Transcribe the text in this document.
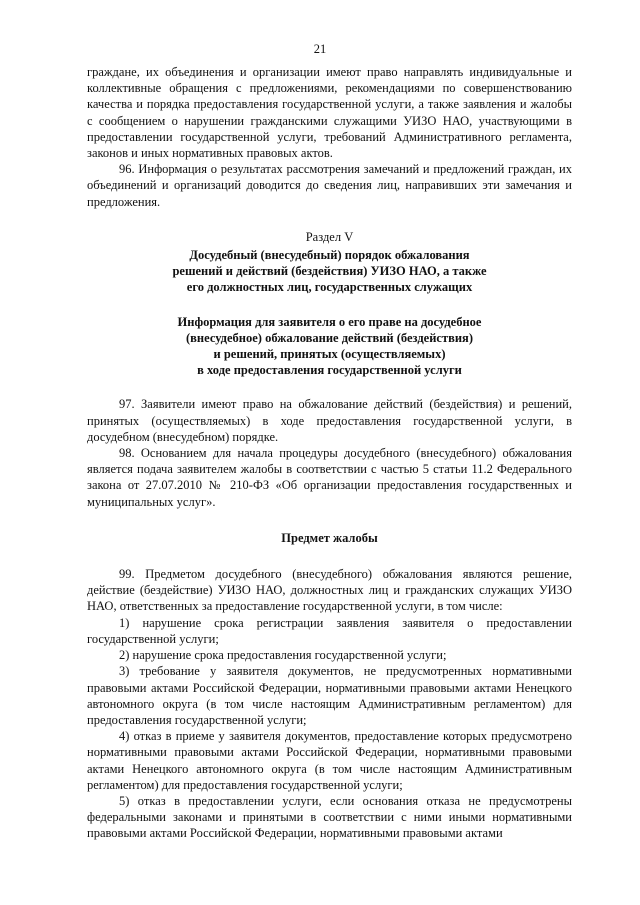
21

граждане, их объединения и организации имеют право направлять индивидуальные и коллективные обращения с предложениями, рекомендациями по совершенствованию качества и порядка предоставления государственной услуги, а также заявления и жалобы с сообщением о нарушении гражданскими служащими УИЗО НАО, участвующими в предоставлении государственной услуги, требований Административного регламента, законов и иных нормативных правовых актов.

96. Информация о результатах рассмотрения замечаний и предложений граждан, их объединений и организаций доводится до сведения лиц, направивших эти замечания и предложения.

Раздел V

Досудебный (внесудебный) порядок обжалования

решений и действий (бездействия) УИЗО НАО, а также

его должностных лиц, государственных служащих

Информация для заявителя о его праве на досудебное

(внесудебное) обжалование действий (бездействия)

и решений, принятых (осуществляемых)

в ходе предоставления государственной услуги

97. Заявители имеют право на обжалование действий (бездействия) и решений, принятых (осуществляемых) в ходе предоставления государственной услуги, в досудебном (внесудебном) порядке.

98. Основанием для начала процедуры досудебного (внесудебного) обжалования является подача заявителем жалобы в соответствии с частью 5 статьи 11.2 Федерального закона от 27.07.2010 № 210-ФЗ «Об организации предоставления государственных и муниципальных услуг».

Предмет жалобы

99. Предметом досудебного (внесудебного) обжалования являются решение, действие (бездействие) УИЗО НАО, должностных лиц и гражданских служащих УИЗО НАО, ответственных за предоставление государственной услуги, в том числе:

1) нарушение срока регистрации заявления заявителя о предоставлении государственной услуги;

2) нарушение срока предоставления государственной услуги;

3) требование у заявителя документов, не предусмотренных нормативными правовыми актами Российской Федерации, нормативными правовыми актами Ненецкого автономного округа (в том числе настоящим Административным регламентом) для предоставления государственной услуги;

4) отказ в приеме у заявителя документов, предоставление которых предусмотрено нормативными правовыми актами Российской Федерации, нормативными правовыми актами Ненецкого автономного округа (в том числе настоящим Административным регламентом) для предоставления государственной услуги;

5) отказ в предоставлении услуги, если основания отказа не предусмотрены федеральными законами и принятыми в соответствии с ними иными нормативными правовыми актами Российской Федерации, нормативными правовыми актами
